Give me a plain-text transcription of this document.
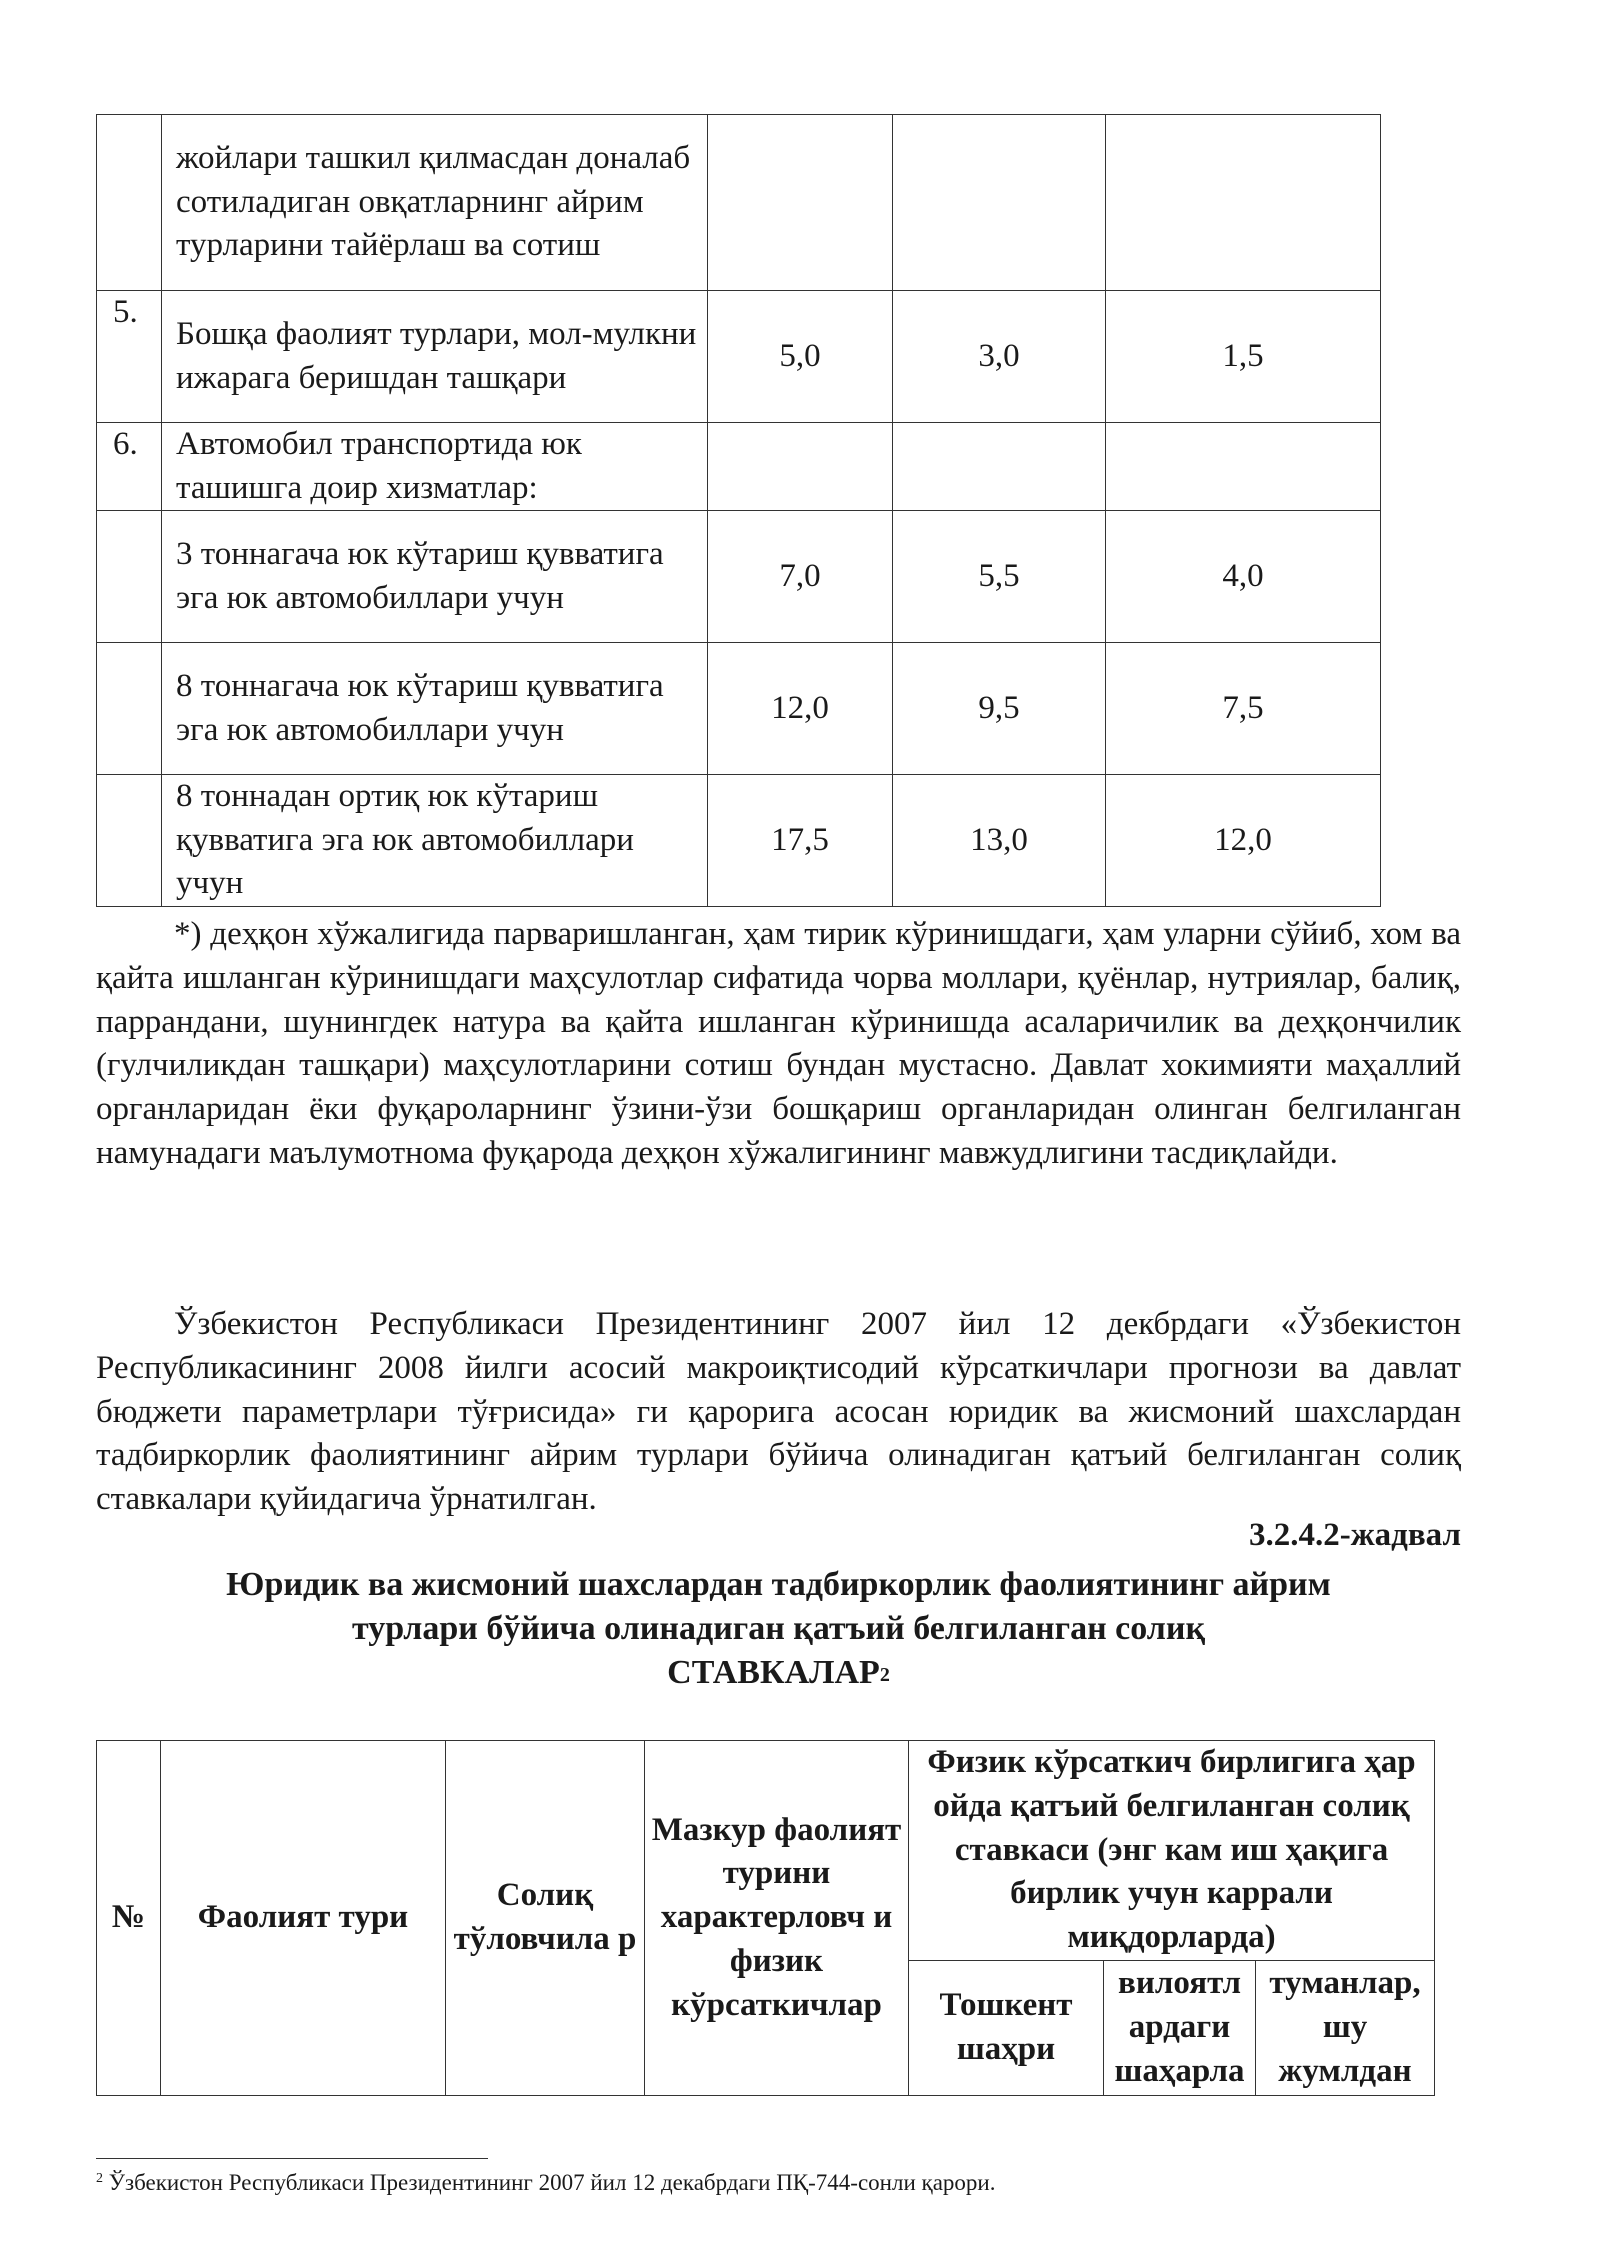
	жойлари ташкил қилмасдан доналаб сотиладиган овқатларнинг айрим турларини тайёрлаш ва сотиш			
5.	Бошқа фаолият турлари, мол-мулкни ижарага беришдан ташқари	5,0	3,0	1,5
6.	Автомобил транспортида юк ташишга доир хизматлар:			
	3 тоннагача юк кўтариш қувватига эга юк автомобиллари учун	7,0	5,5	4,0
	8 тоннагача юк кўтариш қувватига эга юк автомобиллари учун	12,0	9,5	7,5
	8 тоннадан ортиқ юк кўтариш қувватига эга юк автомобиллари учун	17,5	13,0	12,0

*) деҳқон хўжалигида парваришланган, ҳам тирик кўринишдаги, ҳам уларни сўйиб, хом ва қайта ишланган кўринишдаги маҳсулотлар сифатида чорва моллари, қуёнлар, нутриялар, балиқ, паррандани, шунингдек натура ва қайта ишланган кўринишда асаларичилик ва деҳқончилик (гулчиликдан ташқари) маҳсулотларини сотиш бундан мустасно. Давлат хокимияти маҳаллий органларидан ёки фуқароларнинг ўзини-ўзи бошқариш органларидан олинган белгиланган намунадаги маълумотнома фуқарода деҳқон хўжалигининг мавжудлигини тасдиқлайди.

Ўзбекистон Республикаси Президентининг 2007 йил 12 декбрдаги «Ўзбекистон Республикасининг 2008 йилги асосий макроиқтисодий кўрсаткичлари прогнози ва давлат бюджети параметрлари тўғрисида» ги қарорига асосан юридик ва жисмоний шахслардан тадбиркорлик фаолиятининг айрим турлари бўйича олинадиган қатъий белгиланган солиқ ставкалари қуйидагича ўрнатилган.

3.2.4.2-жадвал

Юридик ва жисмоний шахслардан тадбиркорлик фаолиятининг айрим
турлари бўйича олинадиган қатъий белгиланган солиқ
СТАВКАЛАР$^2$
№	Фаолият тури	Солиқ тўловчила р	Мазкур фаолият турини характерловч и физик кўрсаткичлар	Физик кўрсаткич бирлигига ҳар ойда қатъий белгиланган солиқ ставкаси (энг кам иш ҳақига бирлик учун каррали миқдорларда)		
				Тошкент шаҳри	вилоятл ардаги шаҳарла	туманлар, шу жумлдан

$^2$ Ўзбекистон Республикаси Президентининг 2007 йил 12 декабрдаги ПҚ-744-сонли қарори.
